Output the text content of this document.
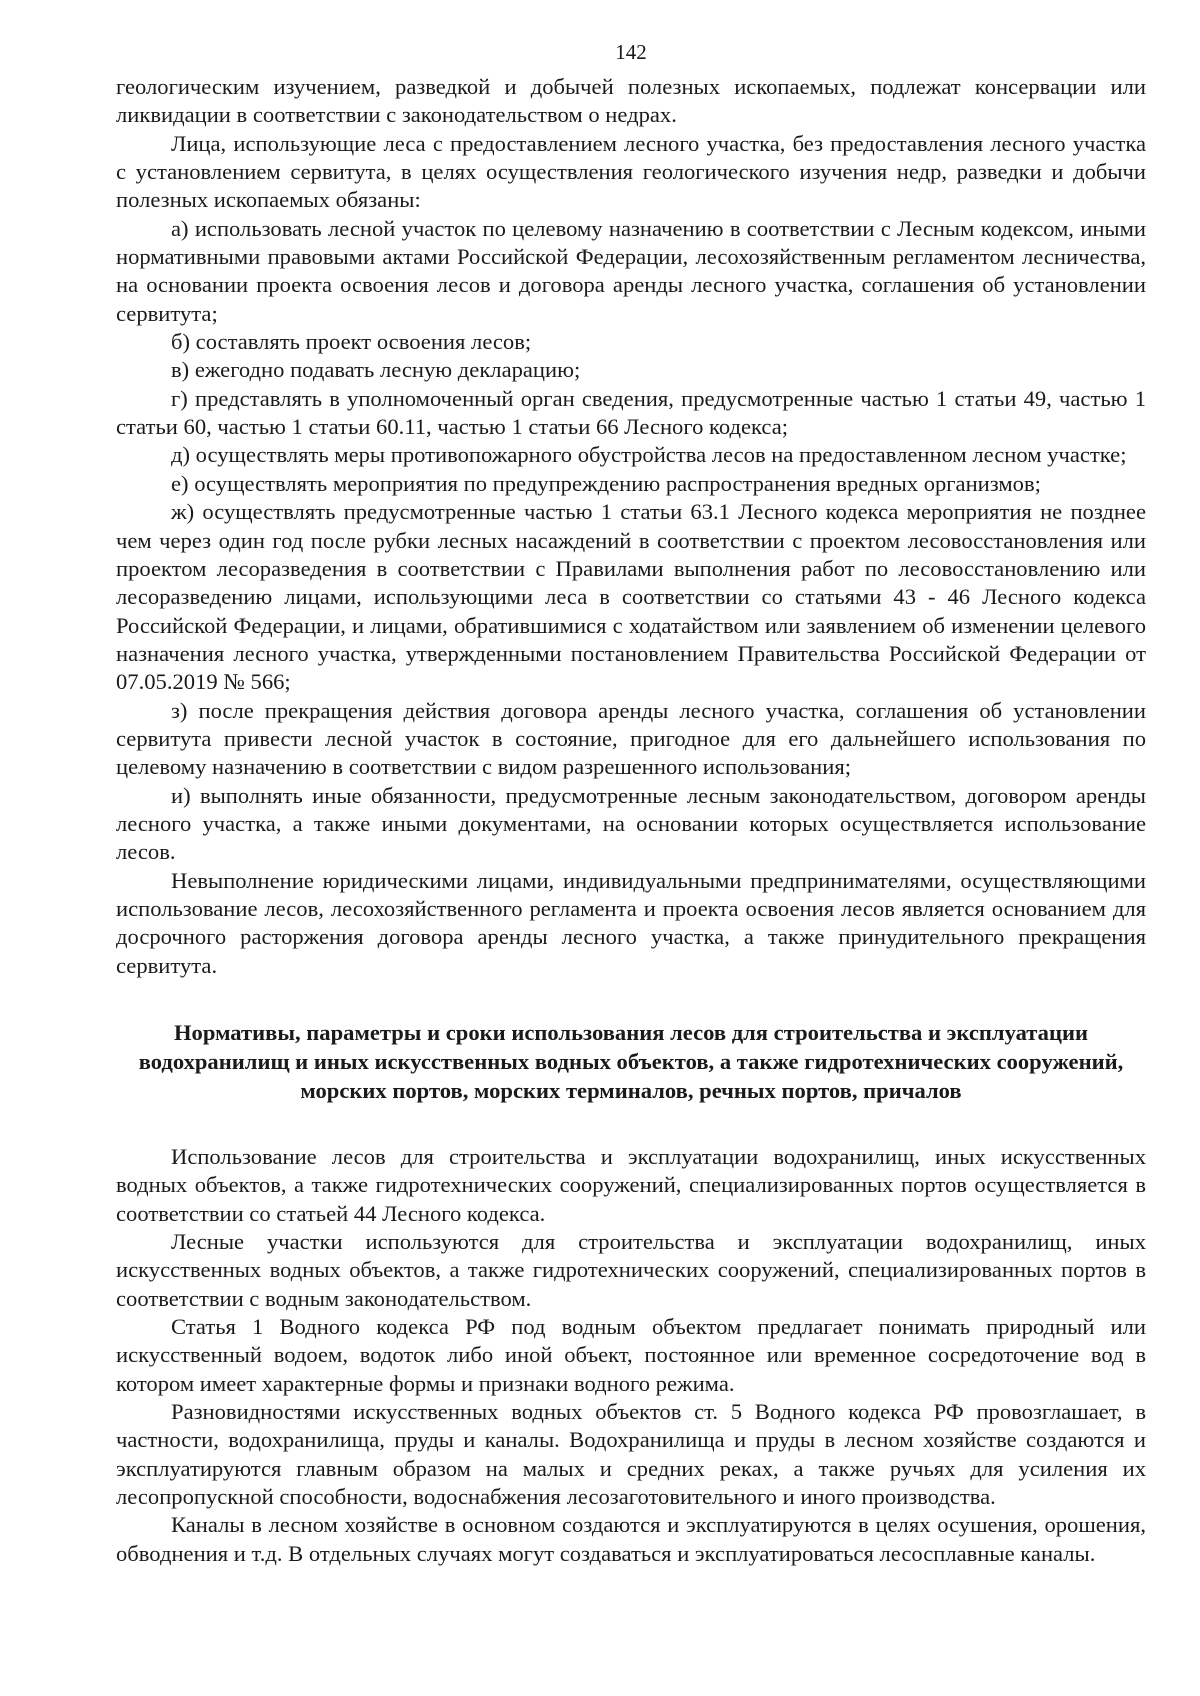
142

геологическим изучением, разведкой и добычей полезных ископаемых, подлежат консервации или ликвидации в соответствии с законодательством о недрах.

Лица, использующие леса с предоставлением лесного участка, без предоставления лесного участка с установлением сервитута, в целях осуществления геологического изучения недр, разведки и добычи полезных ископаемых обязаны:

а) использовать лесной участок по целевому назначению в соответствии с Лесным кодексом, иными нормативными правовыми актами Российской Федерации, лесохозяйственным регламентом лесничества, на основании проекта освоения лесов и договора аренды лесного участка, соглашения об установлении сервитута;

б) составлять проект освоения лесов;

в) ежегодно подавать лесную декларацию;

г) представлять в уполномоченный орган сведения, предусмотренные частью 1 статьи 49, частью 1 статьи 60, частью 1 статьи 60.11, частью 1 статьи 66 Лесного кодекса;

д) осуществлять меры противопожарного обустройства лесов на предоставленном лесном участке;

е) осуществлять мероприятия по предупреждению распространения вредных организмов;

ж) осуществлять предусмотренные частью 1 статьи 63.1 Лесного кодекса мероприятия не позднее чем через один год после рубки лесных насаждений в соответствии с проектом лесовосстановления или проектом лесоразведения в соответствии с Правилами выполнения работ по лесовосстановлению или лесоразведению лицами, использующими леса в соответствии со статьями 43 - 46 Лесного кодекса Российской Федерации, и лицами, обратившимися с ходатайством или заявлением об изменении целевого назначения лесного участка, утвержденными постановлением Правительства Российской Федерации от 07.05.2019 № 566;

з) после прекращения действия договора аренды лесного участка, соглашения об установлении сервитута привести лесной участок в состояние, пригодное для его дальнейшего использования по целевому назначению в соответствии с видом разрешенного использования;

и) выполнять иные обязанности, предусмотренные лесным законодательством, договором аренды лесного участка, а также иными документами, на основании которых осуществляется использование лесов.

Невыполнение юридическими лицами, индивидуальными предпринимателями, осуществляющими использование лесов, лесохозяйственного регламента и проекта освоения лесов является основанием для досрочного расторжения договора аренды лесного участка, а также принудительного прекращения сервитута.

Нормативы, параметры и сроки использования лесов для строительства и эксплуатации водохранилищ и иных искусственных водных объектов, а также гидротехнических сооружений, морских портов, морских терминалов, речных портов, причалов

Использование лесов для строительства и эксплуатации водохранилищ, иных искусственных водных объектов, а также гидротехнических сооружений, специализированных портов осуществляется в соответствии со статьей 44 Лесного кодекса.

Лесные участки используются для строительства и эксплуатации водохранилищ, иных искусственных водных объектов, а также гидротехнических сооружений, специализированных портов в соответствии с водным законодательством.

Статья 1 Водного кодекса РФ под водным объектом предлагает понимать природный или искусственный водоем, водоток либо иной объект, постоянное или временное сосредоточение вод в котором имеет характерные формы и признаки водного режима.

Разновидностями искусственных водных объектов ст. 5 Водного кодекса РФ провозглашает, в частности, водохранилища, пруды и каналы. Водохранилища и пруды в лесном хозяйстве создаются и эксплуатируются главным образом на малых и средних реках, а также ручьях для усиления их лесопропускной способности, водоснабжения лесозаготовительного и иного производства.

Каналы в лесном хозяйстве в основном создаются и эксплуатируются в целях осушения, орошения, обводнения и т.д. В отдельных случаях могут создаваться и эксплуатироваться лесосплавные каналы.
